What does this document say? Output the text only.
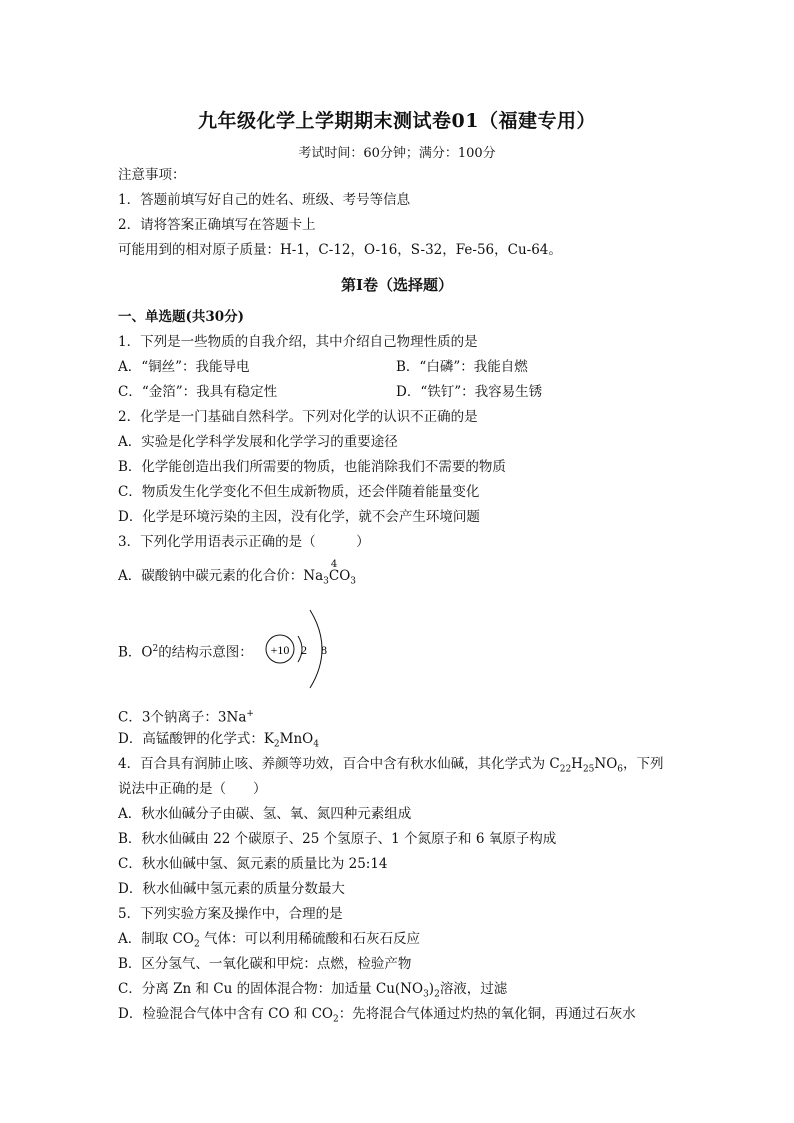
九年级化学上学期期末测试卷01（福建专用）
考试时间：60分钟；满分：100分
注意事项：
1．答题前填写好自己的姓名、班级、考号等信息
2．请将答案正确填写在答题卡上
可能用到的相对原子质量：H-1，C-12，O-16，S-32，Fe-56，Cu-64。
第I卷（选择题）
一、单选题(共30分)
1．下列是一些物质的自我介绍，其中介绍自己物理性质的是
A．“铜丝”：我能导电	B．“白磷”：我能自燃
C．“金箔”：我具有稳定性	D．“铁钉”：我容易生锈
2．化学是一门基础自然科学。下列对化学的认识不正确的是
A．实验是化学科学发展和化学学习的重要途径
B．化学能创造出我们所需要的物质，也能消除我们不需要的物质
C．物质发生化学变化不但生成新物质，还会伴随着能量变化
D．化学是环境污染的主因，没有化学，就不会产生环境问题
3．下列化学用语表示正确的是（　　　）
A．碳酸钠中碳元素的化合价：$Na_3$
4
$CO_3$
B．$O^2$的结构示意图： +10 2 8
C．3个钠离子：3Na+
D．高锰酸钾的化学式：$K_2MnO_4$
4．百合具有润肺止咳、养颜等功效，百合中含有秋水仙碱，其化学式为 $C_{22}H_{25}NO_6$，下列
说法中正确的是（　　）
A．秋水仙碱分子由碳、氢、氧、氮四种元素组成
B．秋水仙碱由 22 个碳原子、25 个氢原子、1 个氮原子和 6 氧原子构成
C．秋水仙碱中氢、氮元素的质量比为 25:14
D．秋水仙碱中氢元素的质量分数最大
5．下列实验方案及操作中，合理的是
A．制取 $CO_2$ 气体：可以利用稀硫酸和石灰石反应
B．区分氢气、一氧化碳和甲烷：点燃，检验产物
C．分离 Zn 和 Cu 的固体混合物：加适量 $Cu(NO_3)_2$溶液，过滤
D．检验混合气体中含有 CO 和 $CO_2$：先将混合气体通过灼热的氧化铜，再通过石灰水
